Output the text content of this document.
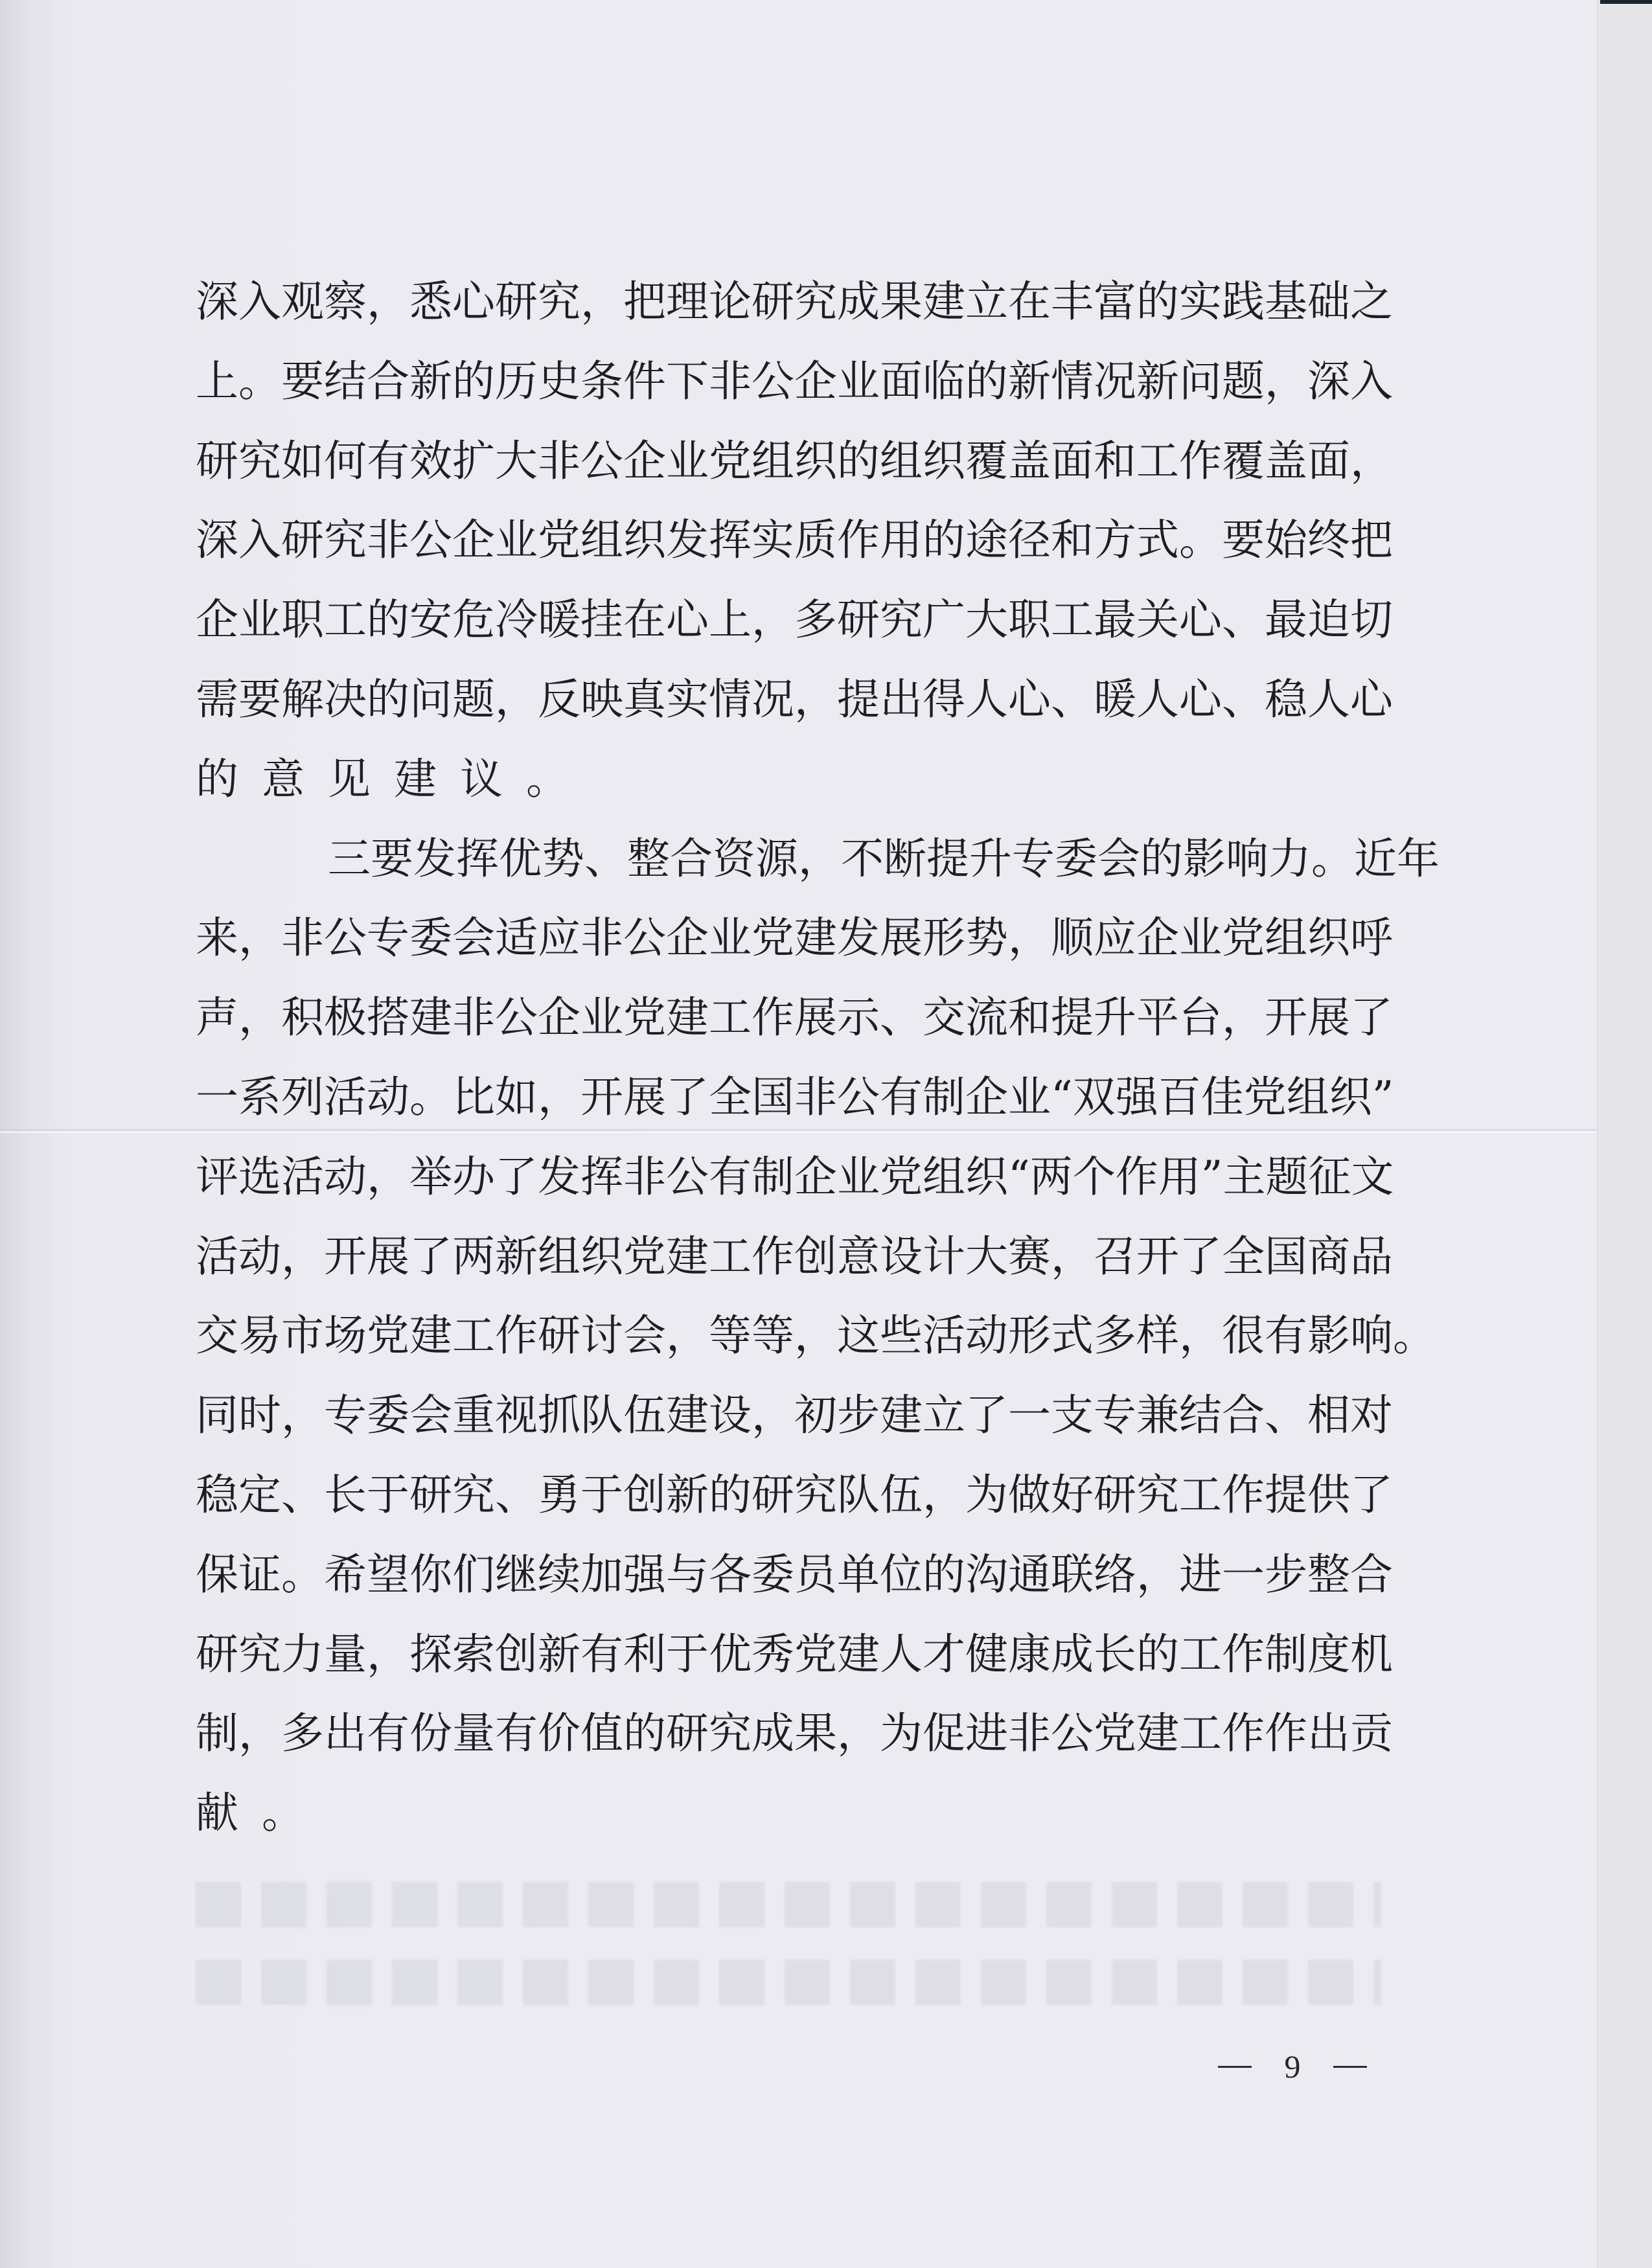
深入观察，悉心研究，把理论研究成果建立在丰富的实践基础之
上。要结合新的历史条件下非公企业面临的新情况新问题，深入
研究如何有效扩大非公企业党组织的组织覆盖面和工作覆盖面，
深入研究非公企业党组织发挥实质作用的途径和方式。要始终把
企业职工的安危冷暖挂在心上，多研究广大职工最关心、最迫切
需要解决的问题，反映真实情况，提出得人心、暖人心、稳人心
的意见建议。
三要发挥优势、整合资源，不断提升专委会的影响力。近年
来，非公专委会适应非公企业党建发展形势，顺应企业党组织呼
声，积极搭建非公企业党建工作展示、交流和提升平台，开展了
一系列活动。比如，开展了全国非公有制企业“双强百佳党组织”
评选活动，举办了发挥非公有制企业党组织“两个作用”主题征文
活动，开展了两新组织党建工作创意设计大赛，召开了全国商品
交易市场党建工作研讨会，等等，这些活动形式多样，很有影响。
同时，专委会重视抓队伍建设，初步建立了一支专兼结合、相对
稳定、长于研究、勇于创新的研究队伍，为做好研究工作提供了
保证。希望你们继续加强与各委员单位的沟通联络，进一步整合
研究力量，探索创新有利于优秀党建人才健康成长的工作制度机
制，多出有份量有价值的研究成果，为促进非公党建工作作出贡
献。
9
